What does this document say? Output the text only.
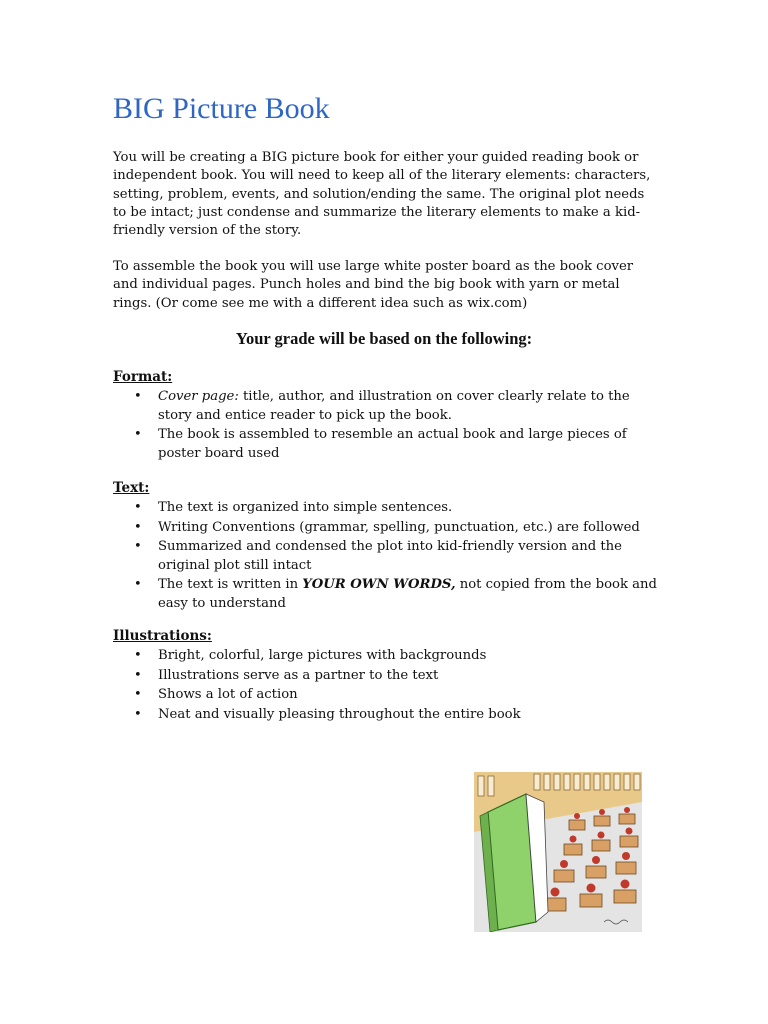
BIG Picture Book

You will be creating a BIG picture book for either your guided reading book or independent book. You will need to keep all of the literary elements: characters, setting, problem, events, and solution/ending the same. The original plot needs to be intact; just condense and summarize the literary elements to make a kid-friendly version of the story.

To assemble the book you will use large white poster board as the book cover and individual pages. Punch holes and bind the big book with yarn or metal rings. (Or come see me with a different idea such as wix.com)

Your grade will be based on the following:

Format:

• Cover page: title, author, and illustration on cover clearly relate to the story and entice reader to pick up the book.
• The book is assembled to resemble an actual book and large pieces of poster board used

Text:

• The text is organized into simple sentences.
• Writing Conventions (grammar, spelling, punctuation, etc.) are followed
• Summarized and condensed the plot into kid-friendly version and the original plot still intact
• The text is written in YOUR OWN WORDS, not copied from the book and easy to understand

Illustrations:

• Bright, colorful, large pictures with backgrounds
• Illustrations serve as a partner to the text
• Shows a lot of action
• Neat and visually pleasing throughout the entire book
